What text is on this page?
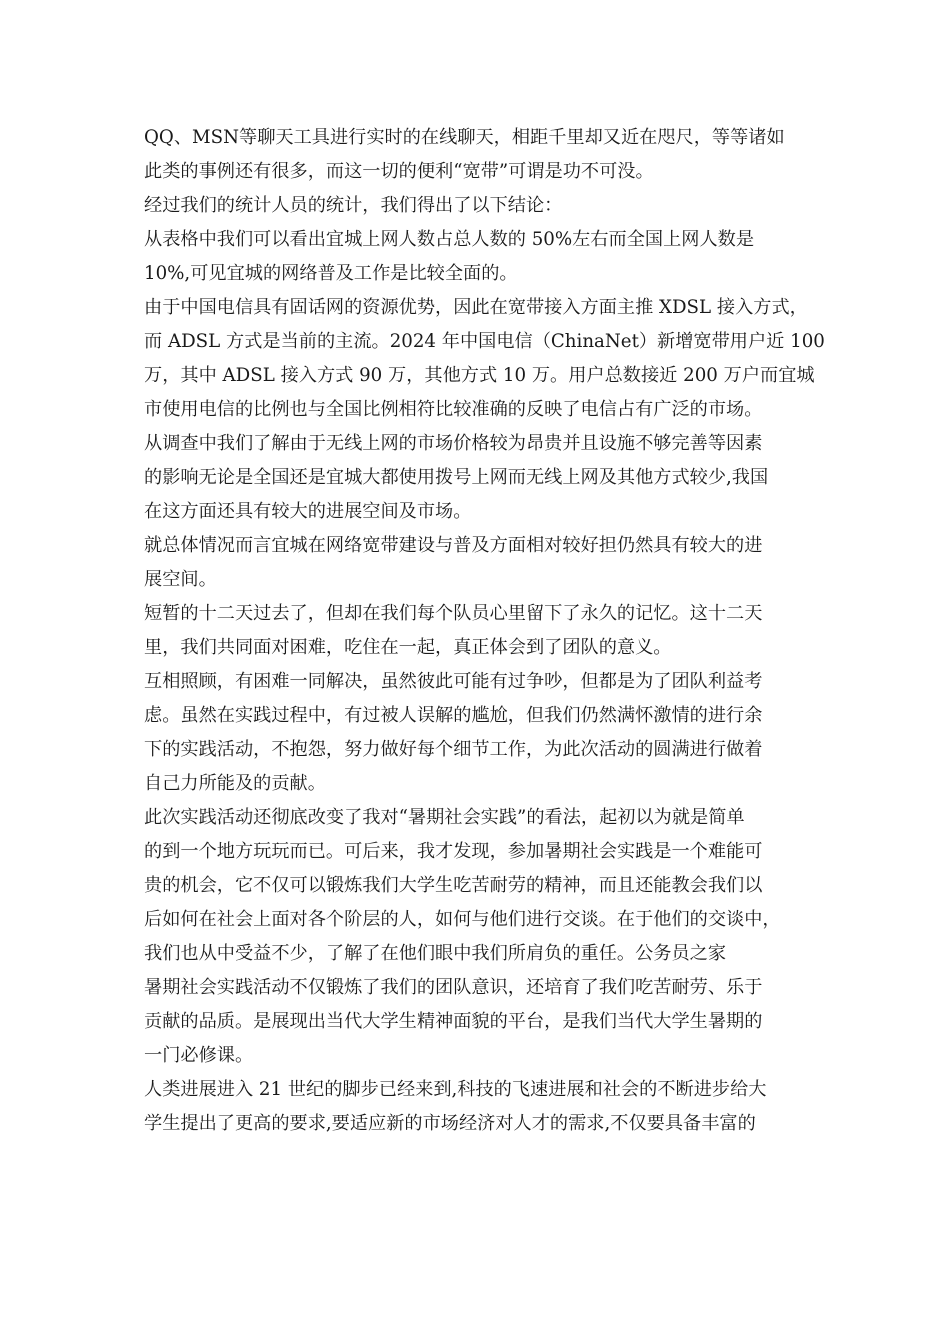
QQ、MSN等聊天工具进行实时的在线聊天，相距千里却又近在咫尺，等等诸如
此类的事例还有很多，而这一切的便利“宽带”可谓是功不可没。
经过我们的统计人员的统计，我们得出了以下结论：
从表格中我们可以看出宜城上网人数占总人数的 50%左右而全国上网人数是
10%,可见宜城的网络普及工作是比较全面的。
由于中国电信具有固话网的资源优势，因此在宽带接入方面主推 XDSL 接入方式，
而 ADSL 方式是当前的主流。2024 年中国电信（ChinaNet）新增宽带用户近 100
万，其中 ADSL 接入方式 90 万，其他方式 10 万。用户总数接近 200 万户而宜城
市使用电信的比例也与全国比例相符比较准确的反映了电信占有广泛的市场。
从调查中我们了解由于无线上网的市场价格较为昂贵并且设施不够完善等因素
的影响无论是全国还是宜城大都使用拨号上网而无线上网及其他方式较少,我国
在这方面还具有较大的进展空间及市场。
就总体情况而言宜城在网络宽带建设与普及方面相对较好担仍然具有较大的进
展空间。
短暂的十二天过去了，但却在我们每个队员心里留下了永久的记忆。这十二天
里，我们共同面对困难，吃住在一起，真正体会到了团队的意义。
互相照顾，有困难一同解决，虽然彼此可能有过争吵，但都是为了团队利益考
虑。虽然在实践过程中，有过被人误解的尴尬，但我们仍然满怀激情的进行余
下的实践活动，不抱怨，努力做好每个细节工作，为此次活动的圆满进行做着
自己力所能及的贡献。
此次实践活动还彻底改变了我对“暑期社会实践”的看法，起初以为就是简单
的到一个地方玩玩而已。可后来，我才发现，参加暑期社会实践是一个难能可
贵的机会，它不仅可以锻炼我们大学生吃苦耐劳的精神，而且还能教会我们以
后如何在社会上面对各个阶层的人，如何与他们进行交谈。在于他们的交谈中，
我们也从中受益不少，了解了在他们眼中我们所肩负的重任。公务员之家
暑期社会实践活动不仅锻炼了我们的团队意识，还培育了我们吃苦耐劳、乐于
贡献的品质。是展现出当代大学生精神面貌的平台，是我们当代大学生暑期的
一门必修课。
人类进展进入 21 世纪的脚步已经来到,科技的飞速进展和社会的不断进步给大
学生提出了更高的要求,要适应新的市场经济对人才的需求,不仅要具备丰富的
